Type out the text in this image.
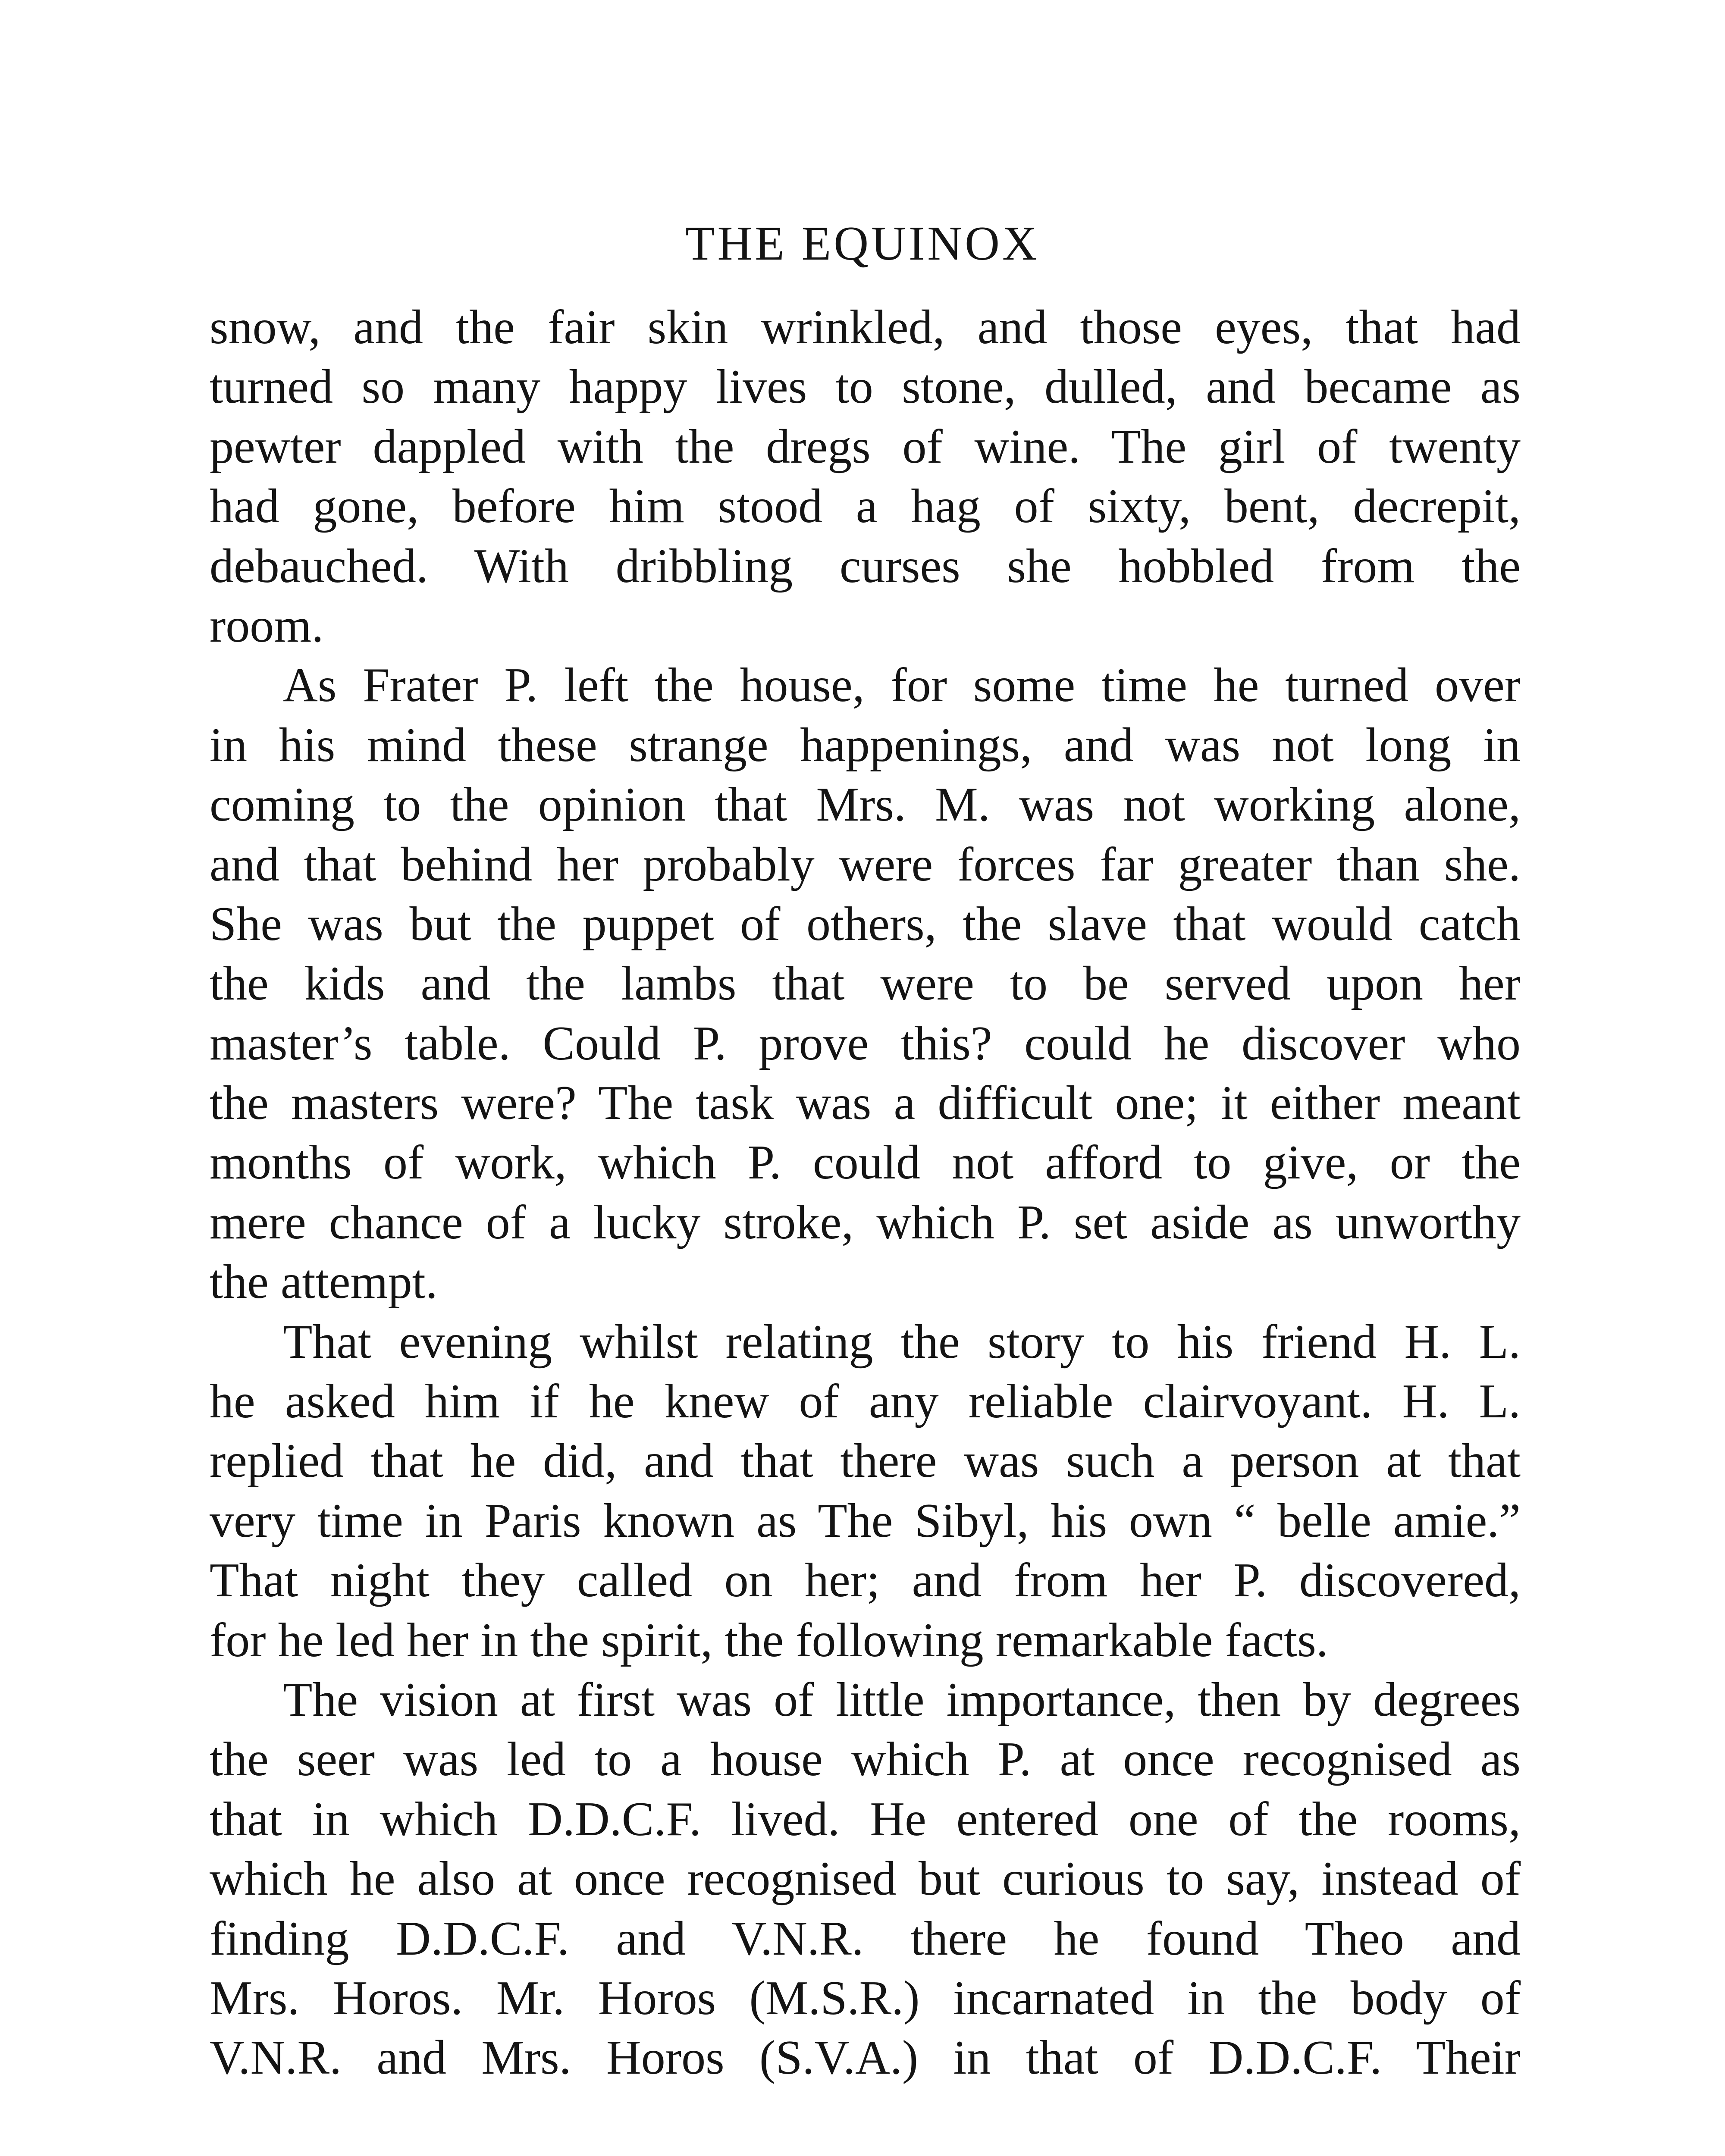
THE EQUINOX
snow, and the fair skin wrinkled, and those eyes, that had
turned so many happy lives to stone, dulled, and became as
pewter dappled with the dregs of wine. The girl of twenty
had gone, before him stood a hag of sixty, bent, decrepit,
debauched. With dribbling curses she hobbled from the
room.
As Frater P. left the house, for some time he turned over
in his mind these strange happenings, and was not long in
coming to the opinion that Mrs. M. was not working alone,
and that behind her probably were forces far greater than she.
She was but the puppet of others, the slave that would catch
the kids and the lambs that were to be served upon her
master’s table. Could P. prove this? could he discover who
the masters were? The task was a difficult one; it either meant
months of work, which P. could not afford to give, or the
mere chance of a lucky stroke, which P. set aside as unworthy
the attempt.
That evening whilst relating the story to his friend H. L.
he asked him if he knew of any reliable clairvoyant. H. L.
replied that he did, and that there was such a person at that
very time in Paris known as The Sibyl, his own “ belle amie.”
That night they called on her; and from her P. discovered,
for he led her in the spirit, the following remarkable facts.
The vision at first was of little importance, then by degrees
the seer was led to a house which P. at once recognised as
that in which D.D.C.F. lived. He entered one of the rooms,
which he also at once recognised but curious to say, instead of
finding D.D.C.F. and V.N.R. there he found Theo and
Mrs. Horos. Mr. Horos (M.S.R.) incarnated in the body of
V.N.R. and Mrs. Horos (S.V.A.) in that of D.D.C.F. Their
